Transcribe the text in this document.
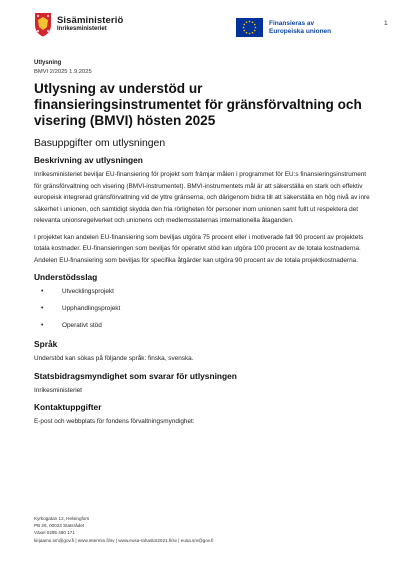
1
Sisäministeriö
Inrikesministeriet
Finansieras av
Europeiska unionen

Utlysning

BMVI 2/2025 1.9.2025

Utlysning av understöd ur finansieringsinstrumentet för gränsförvaltning och visering (BMVI) hösten 2025
Basuppgifter om utlysningen
Beskrivning av utlysningen

Inrikesministeriet beviljar EU-finansiering för projekt som främjar målen i programmet för EU:s finansieringsinstrument för gränsförvaltning och visering (BMVI-instrumentet). BMVI-instrumentets mål är att säkerställa en stark och effektiv europeisk integrerad gränsförvaltning vid de yttre gränserna, och därigenom bidra till att säkerställa en hög nivå av inre säkerhet i unionen, och samtidigt skydda den fria rörligheten för personer inom unionen samt fullt ut respektera det relevanta unionsregelverket och unionens och medlemsstaternas internationella åtaganden.

I projektet kan andelen EU-finansiering som beviljas utgöra 75 procent eller i motiverade fall 90 procent av projektets totala kostnader. EU-finansieringen som beviljas för operativt stöd kan utgöra 100 procent av de totala kostnaderna. Andelen EU-finansiering som beviljas för specifika åtgärder kan utgöra 90 procent av de totala projektkostnaderna.

Understödsslag
•	Utvecklingsprojekt
•	Upphandlingsprojekt
•	Operativt stöd
Språk

Understöd kan sökas på följande språk: finska, svenska.

Statsbidragsmyndighet som svarar för utlysningen

Inrikesministeriet

Kontaktuppgifter

E-post och webbplats för fondens förvaltningsmyndighet:

Kyrkogatan 12, Helsingfors
PB 26, 00023 Statsrådet
Växel 0295 480 171
kirjaamo.sm@gov.fi | www.intermin.fi/sv | www.eusa-rahastot2021.fi/sv | eusa.sm@gov.fi
